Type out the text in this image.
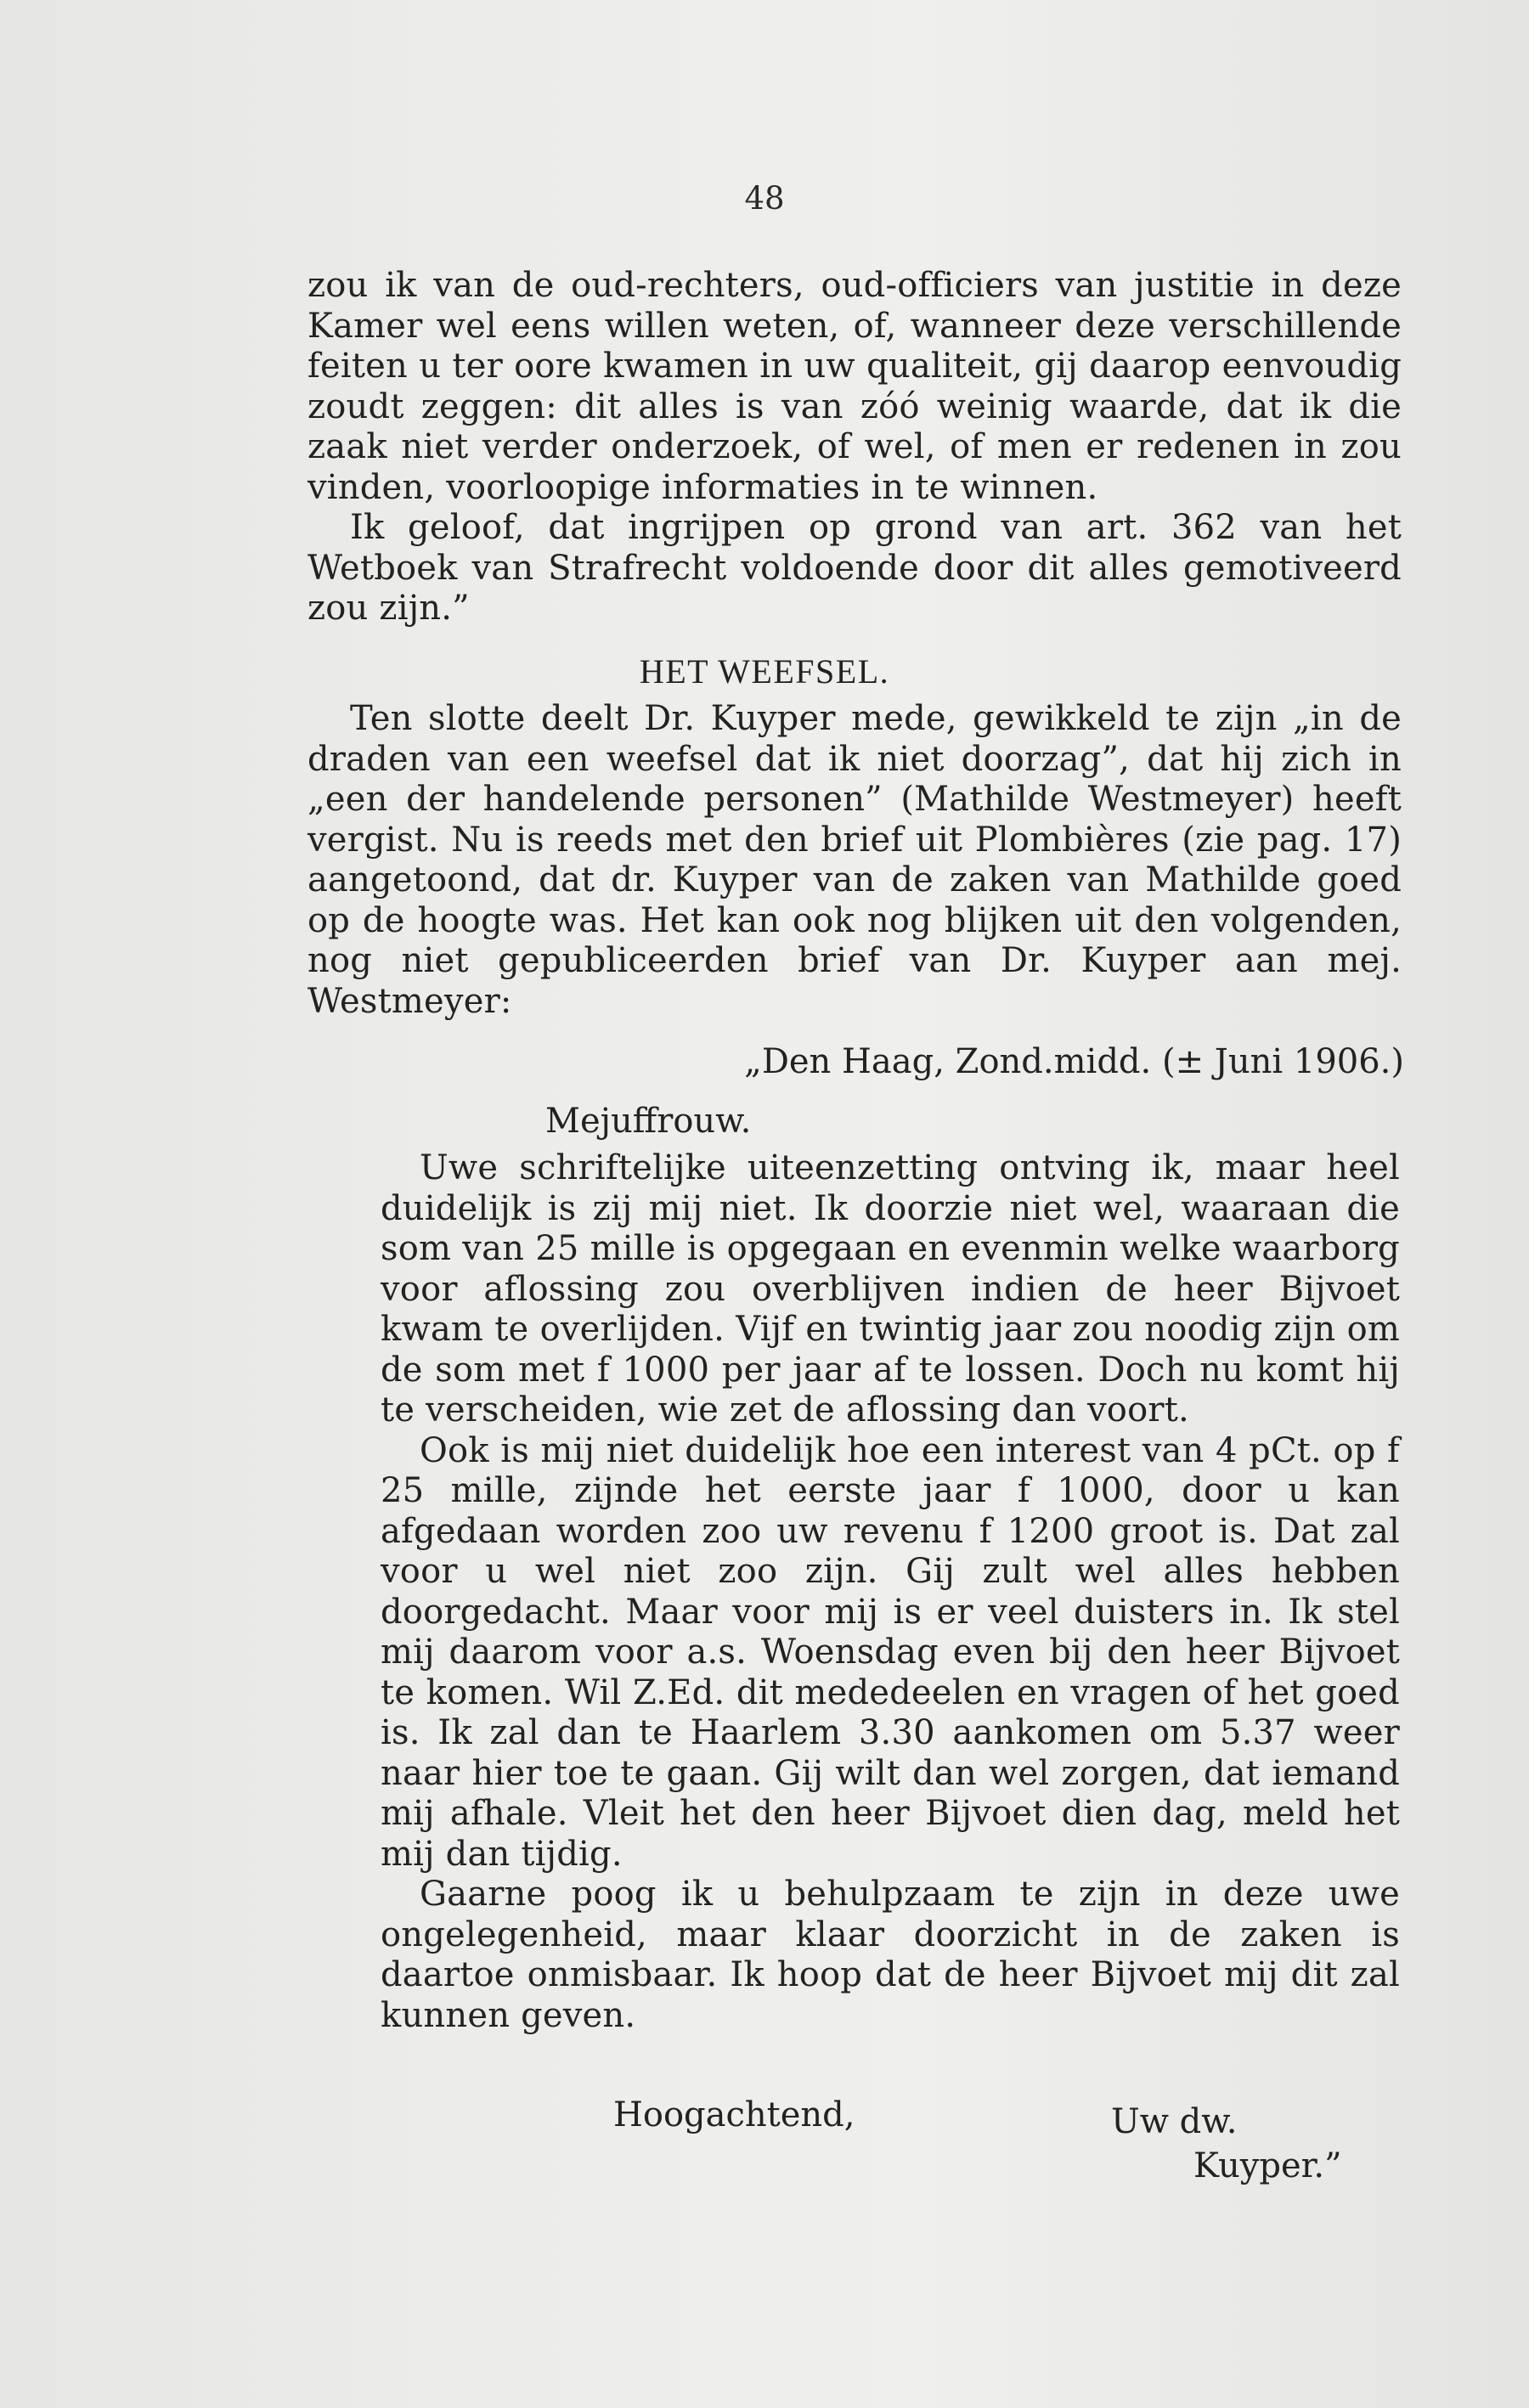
48

zou ik van de oud-rechters, oud-officiers van justitie in deze Kamer wel eens willen weten, of, wanneer deze verschillende feiten u ter oore kwamen in uw qualiteit, gij daarop eenvoudig zoudt zeggen: dit alles is van zóó weinig waarde, dat ik die zaak niet verder onderzoek, of wel, of men er redenen in zou vinden, voorloopige informaties in te winnen.

Ik geloof, dat ingrijpen op grond van art. 362 van het Wetboek van Strafrecht voldoende door dit alles gemotiveerd zou zijn.”

HET WEEFSEL.

Ten slotte deelt Dr. Kuyper mede, gewikkeld te zijn „in de draden van een weefsel dat ik niet doorzag”, dat hij zich in „een der handelende personen” (Mathilde Westmeyer) heeft vergist. Nu is reeds met den brief uit Plombières (zie pag. 17) aangetoond, dat dr. Kuyper van de zaken van Mathilde goed op de hoogte was. Het kan ook nog blijken uit den volgenden, nog niet gepubliceerden brief van Dr. Kuyper aan mej. Westmeyer:

„Den Haag, Zond.midd. (± Juni 1906.)
Mejuffrouw.

Uwe schriftelijke uiteenzetting ontving ik, maar heel duidelijk is zij mij niet. Ik doorzie niet wel, waaraan die som van 25 mille is opgegaan en evenmin welke waarborg voor aflossing zou overblijven indien de heer Bijvoet kwam te overlijden. Vijf en twintig jaar zou noodig zijn om de som met f 1000 per jaar af te lossen. Doch nu komt hij te verscheiden, wie zet de aflossing dan voort.

Ook is mij niet duidelijk hoe een interest van 4 pCt. op f 25 mille, zijnde het eerste jaar f 1000, door u kan afgedaan worden zoo uw revenu f 1200 groot is. Dat zal voor u wel niet zoo zijn. Gij zult wel alles hebben doorgedacht. Maar voor mij is er veel duisters in. Ik stel mij daarom voor a.s. Woensdag even bij den heer Bijvoet te komen. Wil Z.Ed. dit mededeelen en vragen of het goed is. Ik zal dan te Haarlem 3.30 aankomen om 5.37 weer naar hier toe te gaan. Gij wilt dan wel zorgen, dat iemand mij afhale. Vleit het den heer Bijvoet dien dag, meld het mij dan tijdig.

Gaarne poog ik u behulpzaam te zijn in deze uwe ongelegenheid, maar klaar doorzicht in de zaken is daartoe onmisbaar. Ik hoop dat de heer Bijvoet mij dit zal kunnen geven.

Hoogachtend,	Uw dw.
Kuyper.”
